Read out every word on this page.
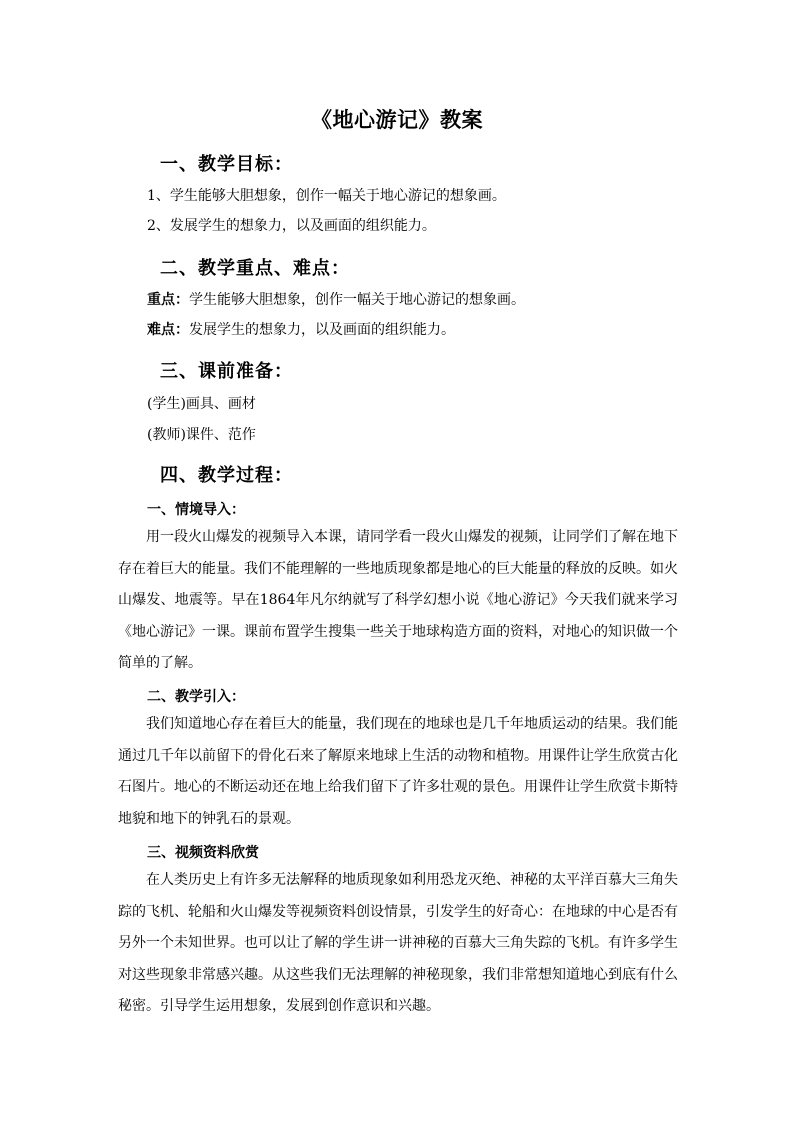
《地心游记》教案
一、教学目标：
1、学生能够大胆想象，创作一幅关于地心游记的想象画。
2、发展学生的想象力，以及画面的组织能力。
二、教学重点、难点：
重点：学生能够大胆想象，创作一幅关于地心游记的想象画。
难点：发展学生的想象力，以及画面的组织能力。
三、课前准备：
(学生)画具、画材
(教师)课件、范作
四、教学过程：
一、情境导入：
用一段火山爆发的视频导入本课，请同学看一段火山爆发的视频，让同学们了解在地下存在着巨大的能量。我们不能理解的一些地质现象都是地心的巨大能量的释放的反映。如火山爆发、地震等。早在1864年凡尔纳就写了科学幻想小说《地心游记》今天我们就来学习《地心游记》一课。课前布置学生搜集一些关于地球构造方面的资料，对地心的知识做一个简单的了解。
二、教学引入：
我们知道地心存在着巨大的能量，我们现在的地球也是几千年地质运动的结果。我们能通过几千年以前留下的骨化石来了解原来地球上生活的动物和植物。用课件让学生欣赏古化石图片。地心的不断运动还在地上给我们留下了许多壮观的景色。用课件让学生欣赏卡斯特地貌和地下的钟乳石的景观。
三、视频资料欣赏
在人类历史上有许多无法解释的地质现象如利用恐龙灭绝、神秘的太平洋百慕大三角失踪的飞机、轮船和火山爆发等视频资料创设情景，引发学生的好奇心：在地球的中心是否有另外一个未知世界。也可以让了解的学生讲一讲神秘的百慕大三角失踪的飞机。有许多学生对这些现象非常感兴趣。从这些我们无法理解的神秘现象，我们非常想知道地心到底有什么秘密。引导学生运用想象，发展到创作意识和兴趣。
